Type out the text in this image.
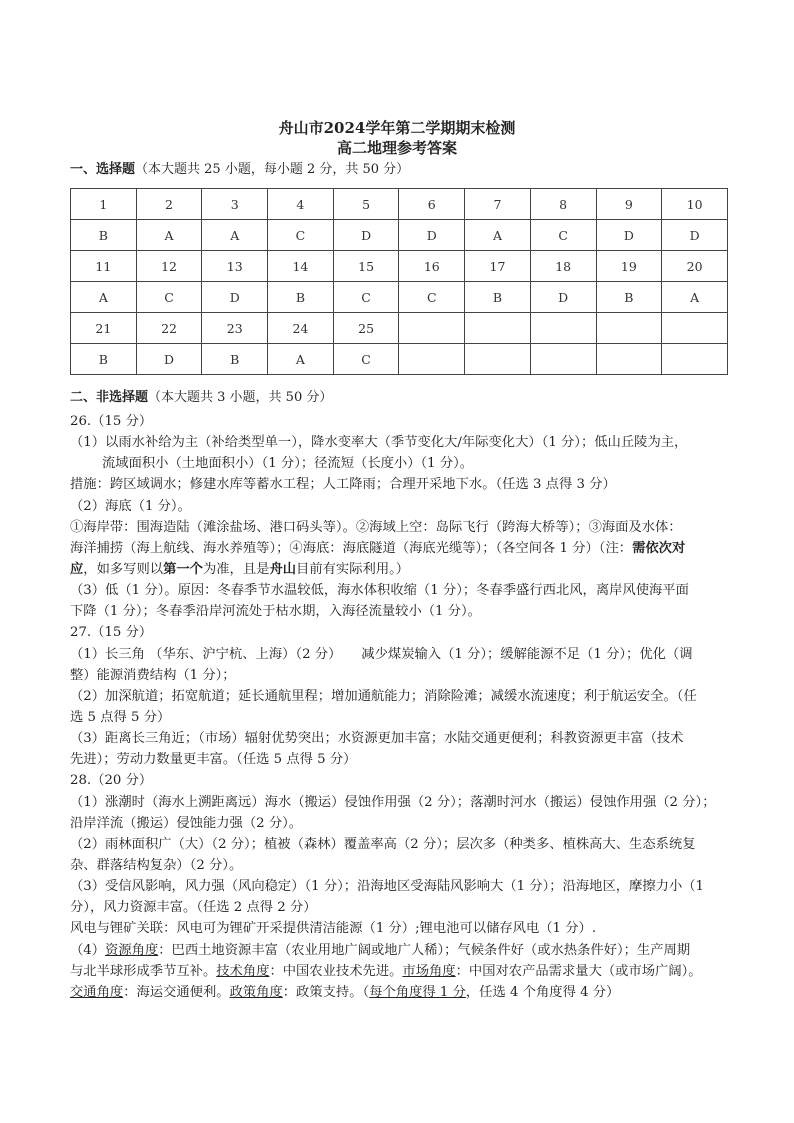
舟山市2024学年第二学期期末检测
高二地理参考答案
一、选择题（本大题共 25 小题，每小题 2 分，共 50 分）
1	2	3	4	5	6	7	8	9	10
B	A	A	C	D	D	A	C	D	D
11	12	13	14	15	16	17	18	19	20
A	C	D	B	C	C	B	D	B	A
21	22	23	24	25					
B	D	B	A	C					
二、非选择题（本大题共 3 小题，共 50 分）
26.（15 分）
（1）以雨水补给为主（补给类型单一），降水变率大（季节变化大/年际变化大）（1 分）；低山丘陵为主，
流域面积小（土地面积小）（1 分）；径流短（长度小）（1 分）。
措施：跨区域调水；修建水库等蓄水工程；人工降雨；合理开采地下水。（任选 3 点得 3 分）
（2）海底（1 分）。
①海岸带：围海造陆（滩涂盐场、港口码头等）。②海域上空：岛际飞行（跨海大桥等）；③海面及水体：
海洋捕捞（海上航线、海水养殖等）；④海底：海底隧道（海底光缆等）；（各空间各 1 分）（注：需依次对
应，如多写则以第一个为准，且是舟山目前有实际利用。）
（3）低（1 分）。原因：冬春季节水温较低，海水体积收缩（1 分）；冬春季盛行西北风，离岸风使海平面
下降（1 分）；冬春季沿岸河流处于枯水期，入海径流量较小（1 分）。
27.（15 分）
（1）长三角 （华东、沪宁杭、上海）（2 分）　　减少煤炭输入（1 分）；缓解能源不足（1 分）；优化（调
整）能源消费结构（1 分）；
（2）加深航道；拓宽航道；延长通航里程；增加通航能力；消除险滩；减缓水流速度；利于航运安全。（任
选 5 点得 5 分）
（3）距离长三角近；（市场）辐射优势突出；水资源更加丰富；水陆交通更便利；科教资源更丰富（技术
先进）；劳动力数量更丰富。（任选 5 点得 5 分）
28.（20 分）
（1）涨潮时（海水上溯距离远）海水（搬运）侵蚀作用强（2 分）；落潮时河水（搬运）侵蚀作用强（2 分）；
沿岸洋流（搬运）侵蚀能力强（2 分）。
（2）雨林面积广（大）（2 分）；植被（森林）覆盖率高（2 分）；层次多（种类多、植株高大、生态系统复
杂、群落结构复杂）（2 分）。
（3）受信风影响，风力强（风向稳定）（1 分）；沿海地区受海陆风影响大（1 分）；沿海地区，摩擦力小（1
分），风力资源丰富。（任选 2 点得 2 分）
风电与锂矿关联：风电可为锂矿开采提供清洁能源（1 分）;锂电池可以储存风电（1 分）.
（4）资源角度：巴西土地资源丰富（农业用地广阔或地广人稀）；气候条件好（或水热条件好）；生产周期
与北半球形成季节互补。技术角度：中国农业技术先进。市场角度：中国对农产品需求量大（或市场广阔）。
交通角度：海运交通便利。政策角度：政策支持。（每个角度得 1 分，任选 4 个角度得 4 分）
